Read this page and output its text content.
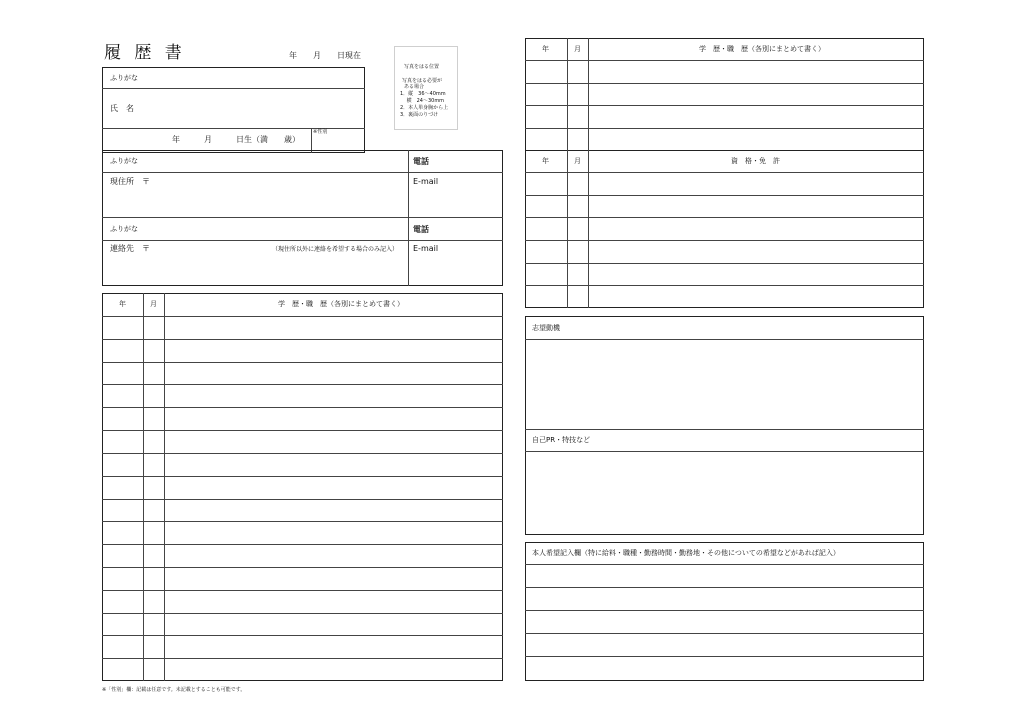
履 歴 書	年　　月　　日現在
ふりがな
氏　名
年　　　月　　　日生（満　　歳）
※性別
写真をはる位置
写真をはる必要が
ある場合
1．縦　36〜40mm
　 横　24〜30mm
2．本人単身胸から上
3．裏面のりづけ
ふりがな	電話
現住所　〒	E-mail
ふりがな	電話
連絡先　〒	（現住所以外に連絡を希望する場合のみ記入） E-mail
年	月	学　歴・職　歴（各別にまとめて書く）
※「性別」欄：記載は任意です。未記載とすることも可能です。
年	月	学　歴・職　歴（各別にまとめて書く）
年	月	資　格・免　許
志望動機
自己PR・特技など
本人希望記入欄（特に給料・職種・勤務時間・勤務地・その他についての希望などがあれば記入）
